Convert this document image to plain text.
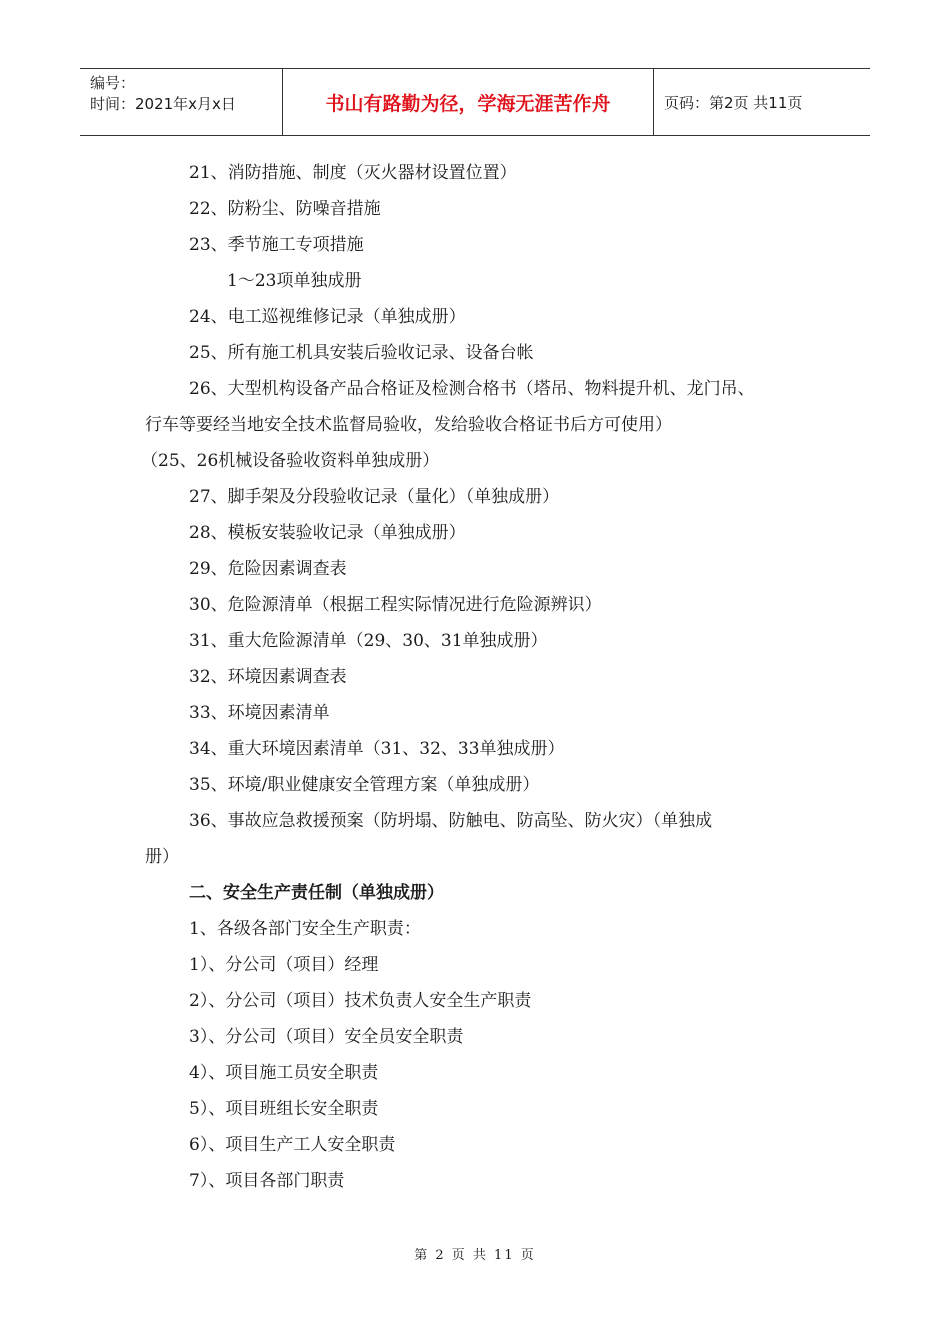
编号：
时间：2021年x月x日	书山有路勤为径，学海无涯苦作舟	页码：第2页 共11页
21、消防措施、制度（灭火器材设置位置）
22、防粉尘、防噪音措施
23、季节施工专项措施
1～23项单独成册
24、电工巡视维修记录（单独成册）
25、所有施工机具安装后验收记录、设备台帐
26、大型机构设备产品合格证及检测合格书（塔吊、物料提升机、龙门吊、
行车等要经当地安全技术监督局验收，发给验收合格证书后方可使用）
（25、26机械设备验收资料单独成册）
27、脚手架及分段验收记录（量化）（单独成册）
28、模板安装验收记录（单独成册）
29、危险因素调查表
30、危险源清单（根据工程实际情况进行危险源辨识）
31、重大危险源清单（29、30、31单独成册）
32、环境因素调查表
33、环境因素清单
34、重大环境因素清单（31、32、33单独成册）
35、环境/职业健康安全管理方案（单独成册）
36、事故应急救援预案（防坍塌、防触电、防高坠、防火灾）（单独成
册）
二、安全生产责任制（单独成册）
1、各级各部门安全生产职责：
1）、分公司（项目）经理
2）、分公司（项目）技术负责人安全生产职责
3）、分公司（项目）安全员安全职责
4）、项目施工员安全职责
5）、项目班组长安全职责
6）、项目生产工人安全职责
7）、项目各部门职责
第 2 页 共 11 页
